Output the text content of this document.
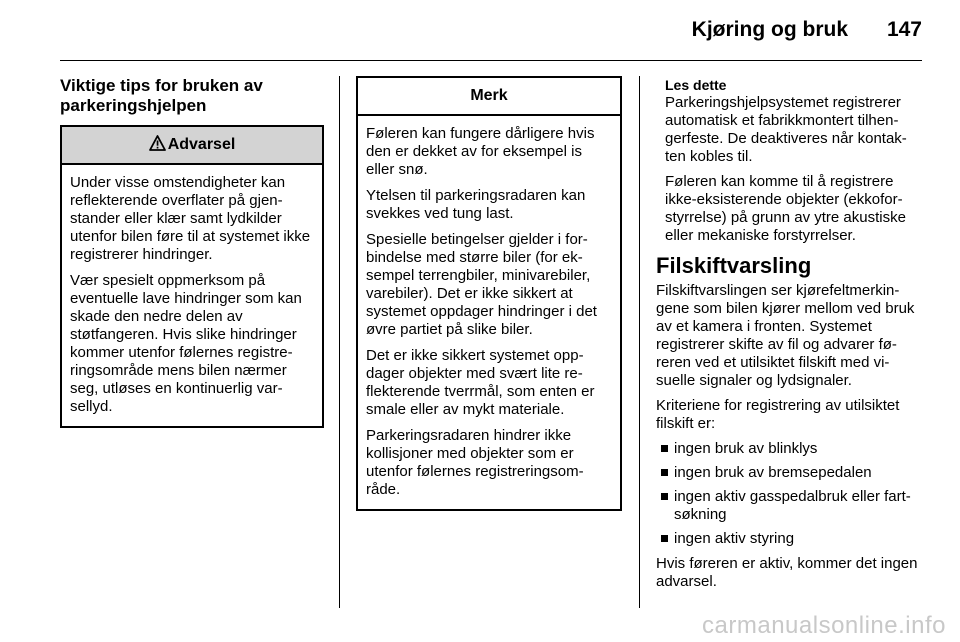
Kjøring og bruk 147
Viktige tips for bruken av parkeringshjelpen
Advarsel

Under visse omstendigheter kan reflekterende overflater på gjenstander eller klær samt lydkilder utenfor bilen føre til at systemet ikke registrerer hindringer.

Vær spesielt oppmerksom på eventuelle lave hindringer som kan skade den nedre delen av støtfangeren. Hvis slike hindringer kommer utenfor følernes registreringsområde mens bilen nærmer seg, utløses en kontinuerlig varsellyd.

Merk

Føleren kan fungere dårligere hvis den er dekket av for eksempel is eller snø.

Ytelsen til parkeringsradaren kan svekkes ved tung last.

Spesielle betingelser gjelder i forbindelse med større biler (for eksempel terrengbiler, minivarebiler, varebiler). Det er ikke sikkert at systemet oppdager hindringer i det øvre partiet på slike biler.

Det er ikke sikkert systemet oppdager objekter med svært lite reflekterende tverrmål, som enten er smale eller av mykt materiale.

Parkeringsradaren hindrer ikke kollisjoner med objekter som er utenfor følernes registreringsområde.

Les dette

Parkeringshjelpsystemet registrerer automatisk et fabrikkmontert tilhengerfeste. De deaktiveres når kontakten kobles til.

Føleren kan komme til å registrere ikke-eksisterende objekter (ekkoforstyrrelse) på grunn av ytre akustiske eller mekaniske forstyrrelser.

Filskiftvarsling

Filskiftvarslingen ser kjørefeltmerkingene som bilen kjører mellom ved bruk av et kamera i fronten. Systemet registrerer skifte av fil og advarer føreren ved et utilsiktet filskift med visuelle signaler og lydsignaler.

Kriteriene for registrering av utilsiktet filskift er:

ingen bruk av blinklys
ingen bruk av bremsepedalen
ingen aktiv gasspedalbruk eller fartsøkning
ingen aktiv styring

Hvis føreren er aktiv, kommer det ingen advarsel.

carmanualsonline.info
